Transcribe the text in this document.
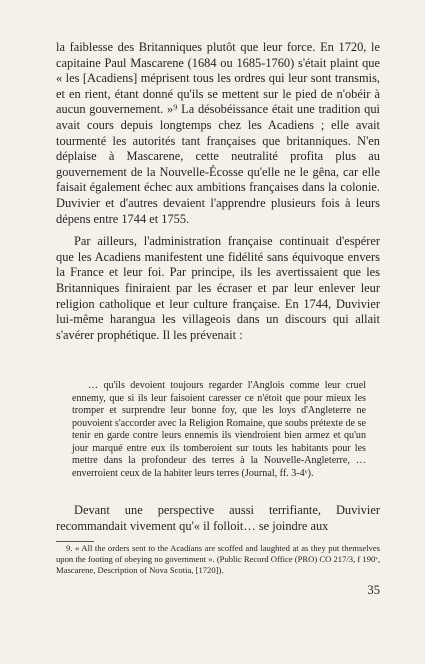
la faiblesse des Britanniques plutôt que leur force. En 1720, le capitaine Paul Mascarene (1684 ou 1685-1760) s'était plaint que « les [Acadiens] méprisent tous les ordres qui leur sont transmis, et en rient, étant donné qu'ils se mettent sur le pied de n'obéir à aucun gouvernement. »⁹ La désobéissance était une tradition qui avait cours depuis longtemps chez les Acadiens ; elle avait tourmenté les autorités tant françaises que britanniques. N'en déplaise à Mascarene, cette neutralité profita plus au gouvernement de la Nouvelle-Écosse qu'elle ne le gêna, car elle faisait également échec aux ambitions françaises dans la colonie. Duvivier et d'autres devaient l'apprendre plusieurs fois à leurs dépens entre 1744 et 1755.

Par ailleurs, l'administration française continuait d'espérer que les Acadiens manifestent une fidélité sans équivoque envers la France et leur foi. Par principe, ils les avertissaient que les Britanniques finiraient par les écraser et par leur enlever leur religion catholique et leur culture française. En 1744, Duvivier lui-même harangua les villageois dans un discours qui allait s'avérer prophétique. Il les prévenait :

… qu'ils devoient toujours regarder l'Anglois comme leur cruel ennemy, que si ils leur faisoient caresser ce n'étoit que pour mieux les tromper et surprendre leur bonne foy, que les loys d'Angleterre ne pouvoient s'accorder avec la Religion Romaine, que soubs prétexte de se tenir en garde contre leurs ennemis ils viendroient bien armez et qu'un jour marqué entre eux ils tomberoient sur touts les habitants pour les mettre dans la profondeur des terres à la Nouvelle-Angleterre, … enverroient ceux de la habiter leurs terres (Journal, ff. 3-4ᵛ).

Devant une perspective aussi terrifiante, Duvivier recommandait vivement qu'« il folloit… se joindre aux

9. « All the orders sent to the Acadians are scoffed and laughted at as they put themselves upon the footing of obeying no government ». (Public Record Office (PRO) CO 217/3, f 190ᵛ, Mascarene, Description of Nova Scotia, [1720]).

35
